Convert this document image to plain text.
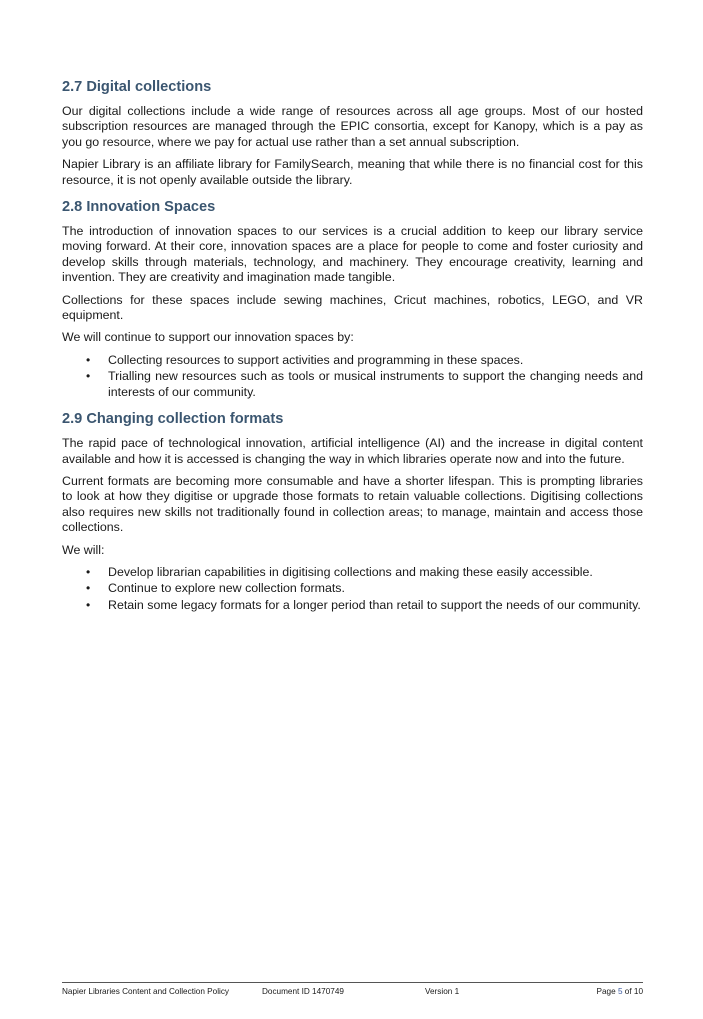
2.7 Digital collections

Our digital collections include a wide range of resources across all age groups. Most of our hosted subscription resources are managed through the EPIC consortia, except for Kanopy, which is a pay as you go resource, where we pay for actual use rather than a set annual subscription.

Napier Library is an affiliate library for FamilySearch, meaning that while there is no financial cost for this resource, it is not openly available outside the library.

2.8 Innovation Spaces

The introduction of innovation spaces to our services is a crucial addition to keep our library service moving forward. At their core, innovation spaces are a place for people to come and foster curiosity and develop skills through materials, technology, and machinery. They encourage creativity, learning and invention. They are creativity and imagination made tangible.

Collections for these spaces include sewing machines, Cricut machines, robotics, LEGO, and VR equipment.

We will continue to support our innovation spaces by:

• Collecting resources to support activities and programming in these spaces.
• Trialling new resources such as tools or musical instruments to support the changing needs and interests of our community.
2.9 Changing collection formats

The rapid pace of technological innovation, artificial intelligence (AI) and the increase in digital content available and how it is accessed is changing the way in which libraries operate now and into the future.

Current formats are becoming more consumable and have a shorter lifespan. This is prompting libraries to look at how they digitise or upgrade those formats to retain valuable collections. Digitising collections also requires new skills not traditionally found in collection areas; to manage, maintain and access those collections.

We will:

• Develop librarian capabilities in digitising collections and making these easily accessible.
• Continue to explore new collection formats.
• Retain some legacy formats for a longer period than retail to support the needs of our community.
Napier Libraries Content and Collection Policy	Document ID 1470749	Version 1	Page 5 of 10
